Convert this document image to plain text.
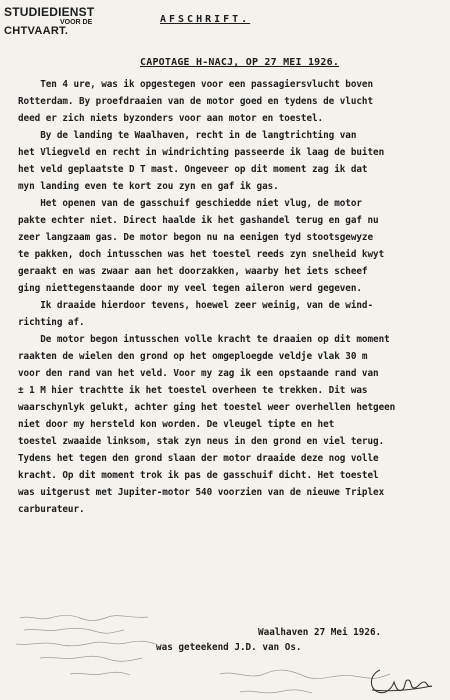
STUDIEDIENST
VOOR DE
CHTVAART.
AFSCHRIFT.
CAPOTAGE H-NACJ, OP 27 MEI 1926.
Ten 4 ure, was ik opgestegen voor een passagiersvlucht boven
Rotterdam. By proefdraaien van de motor goed en tydens de vlucht
deed er zich niets byzonders voor aan motor en toestel.
By de landing te Waalhaven, recht in de langtrichting van
het Vliegveld en recht in windrichting passeerde ik laag de buiten
het veld geplaatste D T mast. Ongeveer op dit moment zag ik dat
myn landing even te kort zou zyn en gaf ik gas.
Het openen van de gasschuif geschiedde niet vlug, de motor
pakte echter niet. Direct haalde ik het gashandel terug en gaf nu
zeer langzaam gas. De motor begon nu na eenigen tyd stootsgewyze
te pakken, doch intusschen was het toestel reeds zyn snelheid kwyt
geraakt en was zwaar aan het doorzakken, waarby het iets scheef
ging niettegenstaande door my veel tegen aileron werd gegeven.
Ik draaide hierdoor tevens, hoewel zeer weinig, van de wind-
richting af.
De motor begon intusschen volle kracht te draaien op dit moment
raakten de wielen den grond op het omgeploegde veldje vlak 30 m
voor den rand van het veld. Voor my zag ik een opstaande rand van
± 1 M hier trachtte ik het toestel overheen te trekken. Dit was
waarschynlyk gelukt, achter ging het toestel weer overhellen hetgeen
niet door my hersteld kon worden. De vleugel tipte en het
toestel zwaaide linksom, stak zyn neus in den grond en viel terug.
Tydens het tegen den grond slaan der motor draaide deze nog volle
kracht. Op dit moment trok ik pas de gasschuif dicht. Het toestel
was uitgerust met Jupiter-motor 540 voorzien van de nieuwe Triplex
carburateur.
Waalhaven 27 Mei 1926.
was geteekend J.D. van Os.
